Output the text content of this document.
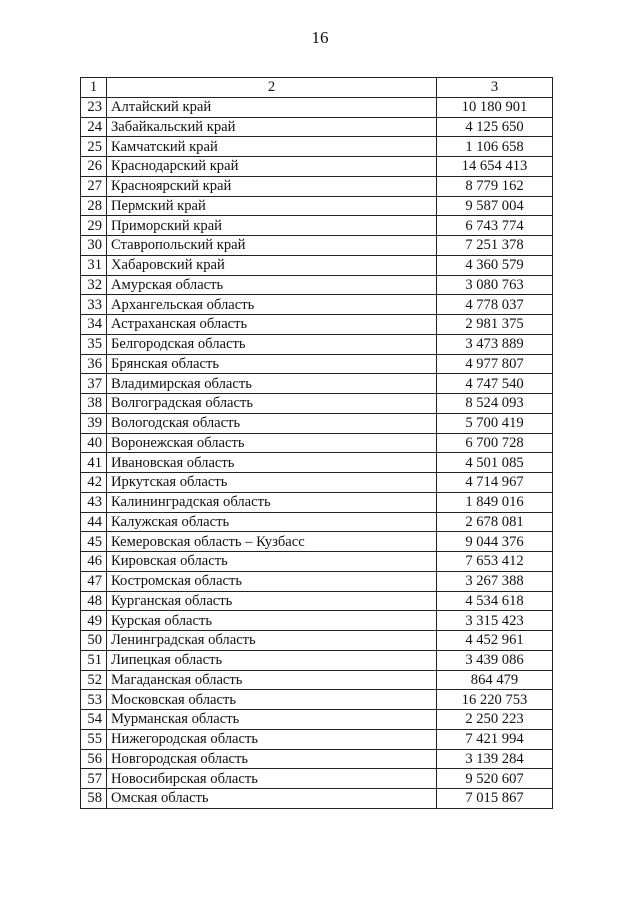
16
1	2	3
23	Алтайский край	10 180 901
24	Забайкальский край	4 125 650
25	Камчатский край	1 106 658
26	Краснодарский край	14 654 413
27	Красноярский край	8 779 162
28	Пермский край	9 587 004
29	Приморский край	6 743 774
30	Ставропольский край	7 251 378
31	Хабаровский край	4 360 579
32	Амурская область	3 080 763
33	Архангельская область	4 778 037
34	Астраханская область	2 981 375
35	Белгородская область	3 473 889
36	Брянская область	4 977 807
37	Владимирская область	4 747 540
38	Волгоградская область	8 524 093
39	Вологодская область	5 700 419
40	Воронежская область	6 700 728
41	Ивановская область	4 501 085
42	Иркутская область	4 714 967
43	Калининградская область	1 849 016
44	Калужская область	2 678 081
45	Кемеровская область – Кузбасс	9 044 376
46	Кировская область	7 653 412
47	Костромская область	3 267 388
48	Курганская область	4 534 618
49	Курская область	3 315 423
50	Ленинградская область	4 452 961
51	Липецкая область	3 439 086
52	Магаданская область	864 479
53	Московская область	16 220 753
54	Мурманская область	2 250 223
55	Нижегородская область	7 421 994
56	Новгородская область	3 139 284
57	Новосибирская область	9 520 607
58	Омская область	7 015 867
